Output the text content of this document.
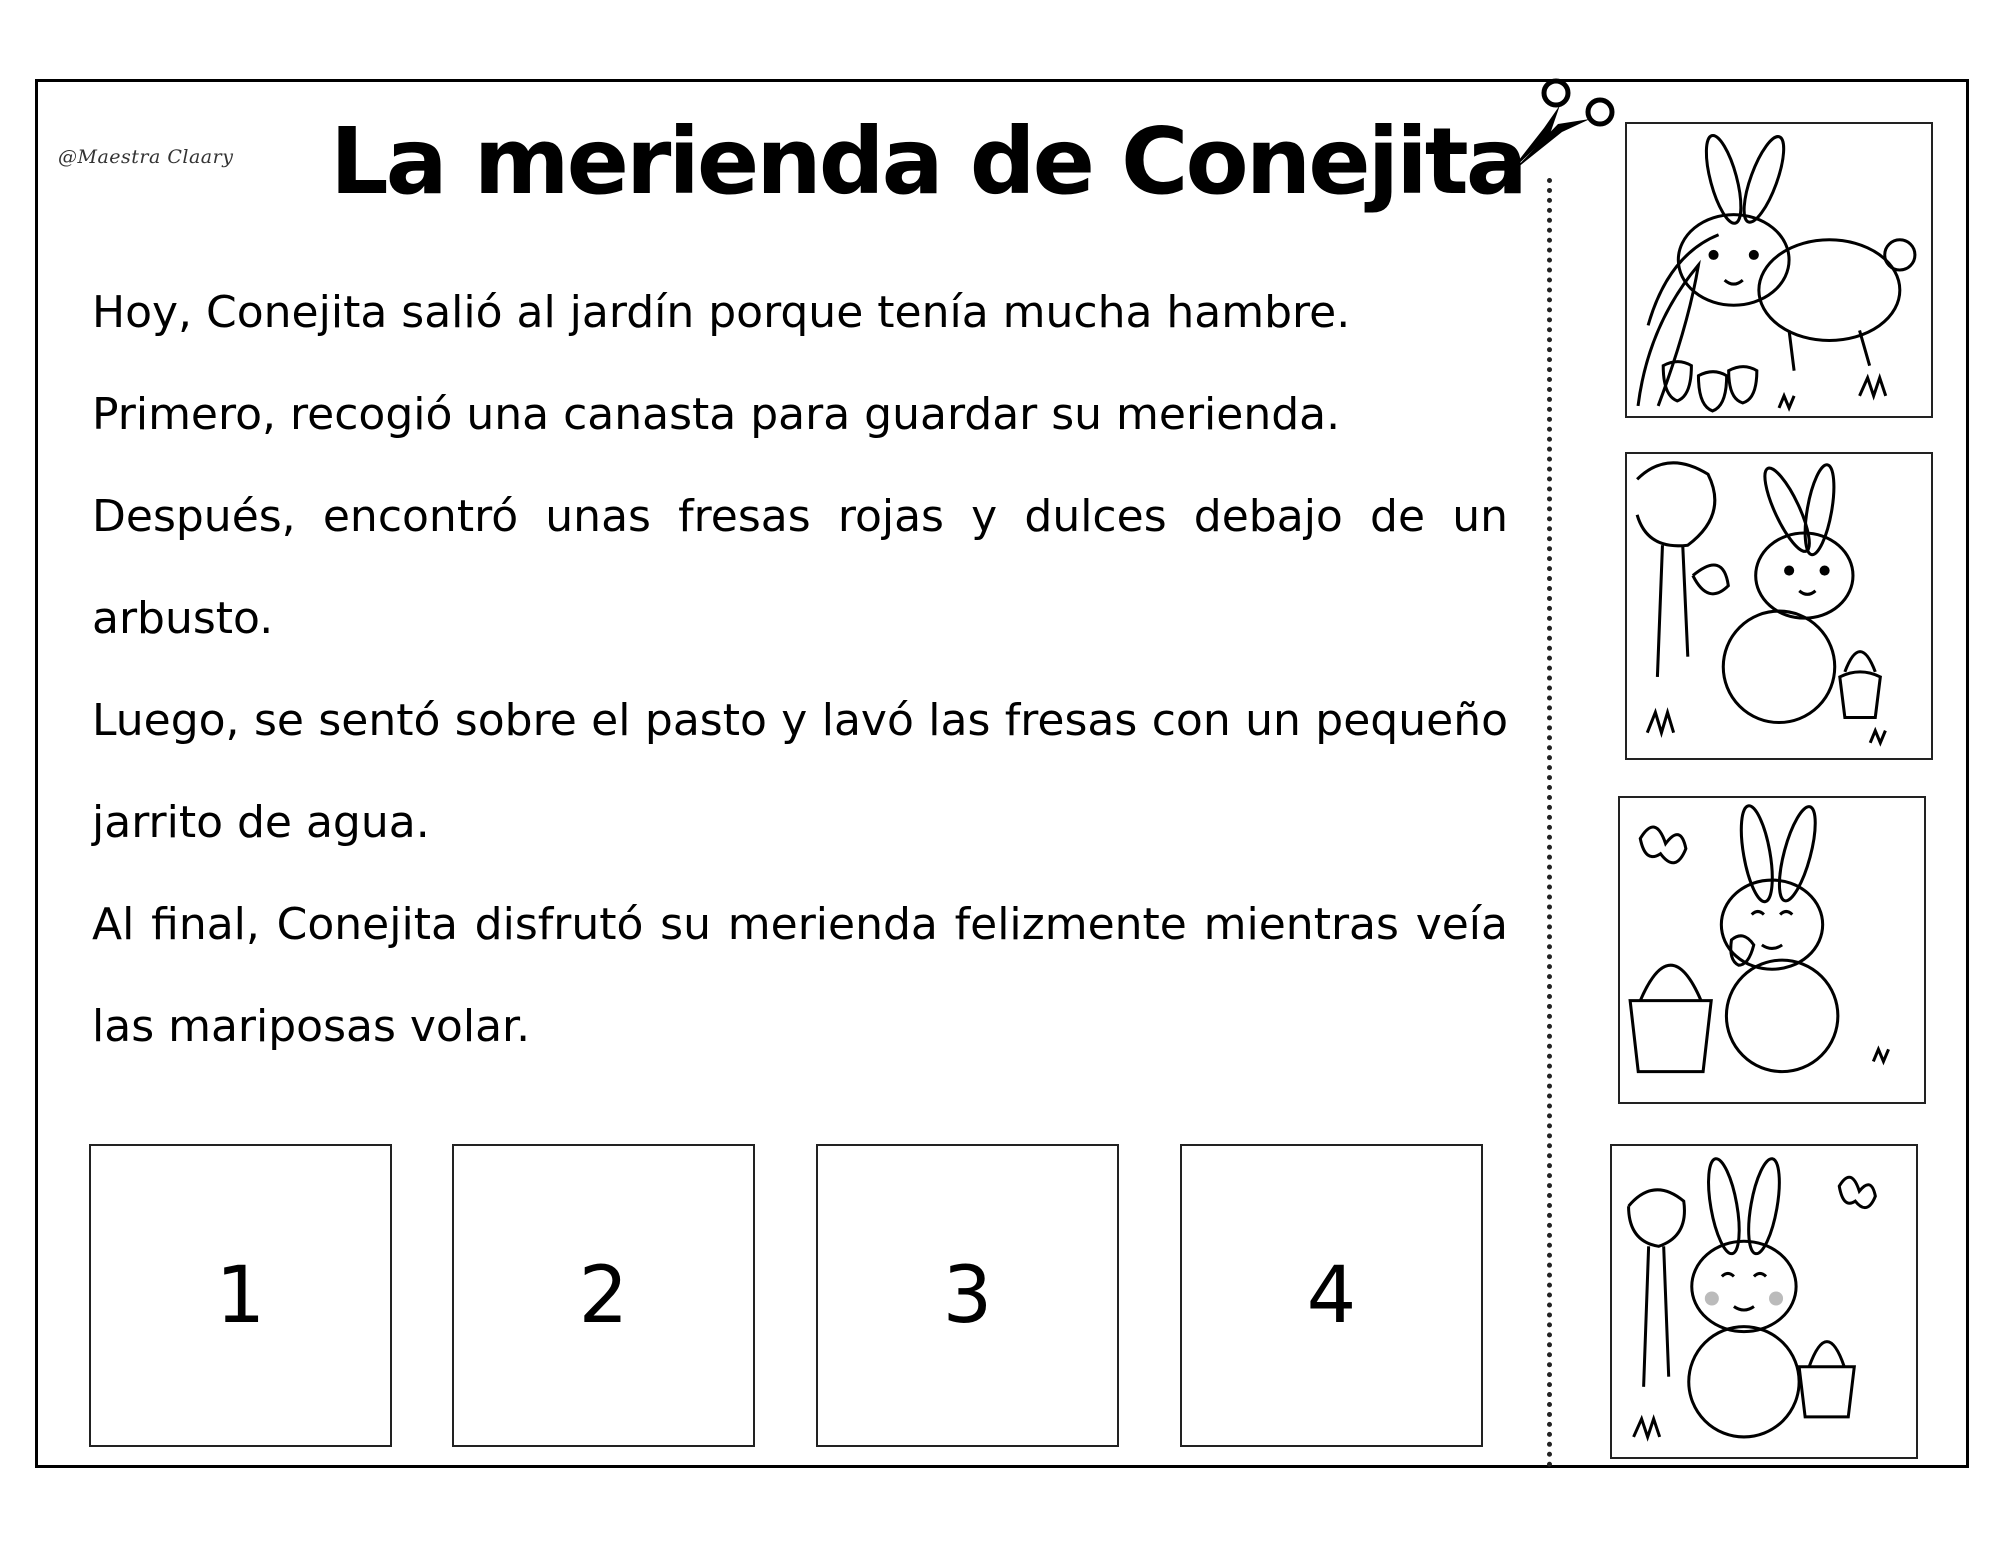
@Maestra Claary La merienda de Conejita

Hoy, Conejita salió al jardín porque tenía mucha hambre.

Primero, recogió una canasta para guardar su merienda.

Después, encontró unas fresas rojas y dulces debajo de un arbusto.

Luego, se sentó sobre el pasto y lavó las fresas con un pequeño jarrito de agua.

Al final, Conejita disfrutó su merienda felizmente mientras veía las mariposas volar.

1	2	3	4
